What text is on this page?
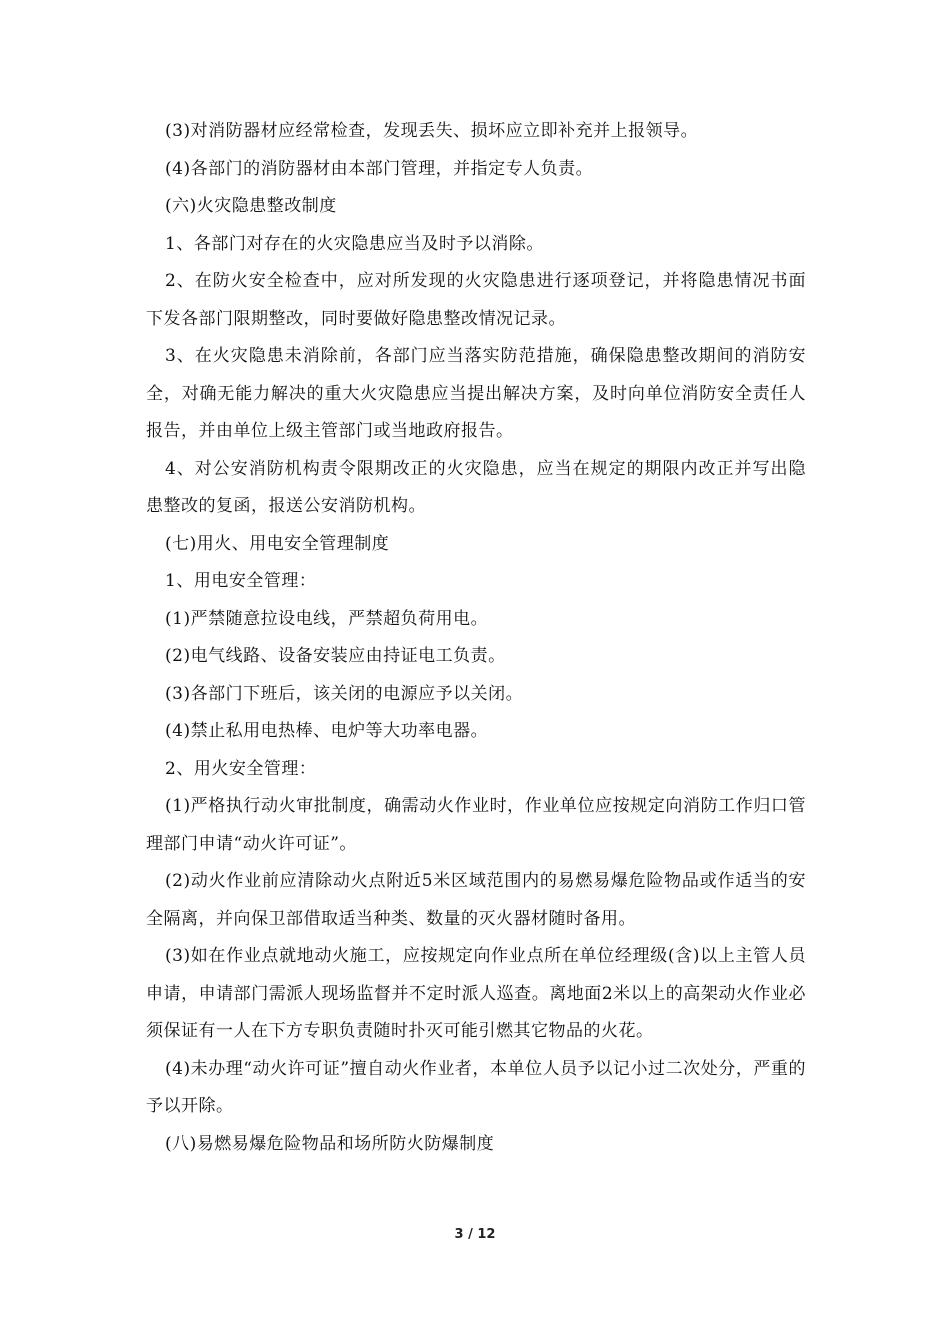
(3)对消防器材应经常检查，发现丢失、损坏应立即补充并上报领导。

(4)各部门的消防器材由本部门管理，并指定专人负责。

(六)火灾隐患整改制度

1、各部门对存在的火灾隐患应当及时予以消除。

2、在防火安全检查中，应对所发现的火灾隐患进行逐项登记，并将隐患情况书面下发各部门限期整改，同时要做好隐患整改情况记录。

3、在火灾隐患未消除前，各部门应当落实防范措施，确保隐患整改期间的消防安全，对确无能力解决的重大火灾隐患应当提出解决方案，及时向单位消防安全责任人报告，并由单位上级主管部门或当地政府报告。

4、对公安消防机构责令限期改正的火灾隐患，应当在规定的期限内改正并写出隐患整改的复函，报送公安消防机构。

(七)用火、用电安全管理制度

1、用电安全管理：

(1)严禁随意拉设电线，严禁超负荷用电。

(2)电气线路、设备安装应由持证电工负责。

(3)各部门下班后，该关闭的电源应予以关闭。

(4)禁止私用电热棒、电炉等大功率电器。

2、用火安全管理：

(1)严格执行动火审批制度，确需动火作业时，作业单位应按规定向消防工作归口管理部门申请“动火许可证”。

(2)动火作业前应清除动火点附近5米区域范围内的易燃易爆危险物品或作适当的安全隔离，并向保卫部借取适当种类、数量的灭火器材随时备用。

(3)如在作业点就地动火施工，应按规定向作业点所在单位经理级(含)以上主管人员申请，申请部门需派人现场监督并不定时派人巡查。离地面2米以上的高架动火作业必须保证有一人在下方专职负责随时扑灭可能引燃其它物品的火花。

(4)未办理“动火许可证”擅自动火作业者，本单位人员予以记小过二次处分，严重的予以开除。

(八)易燃易爆危险物品和场所防火防爆制度

3 / 12
